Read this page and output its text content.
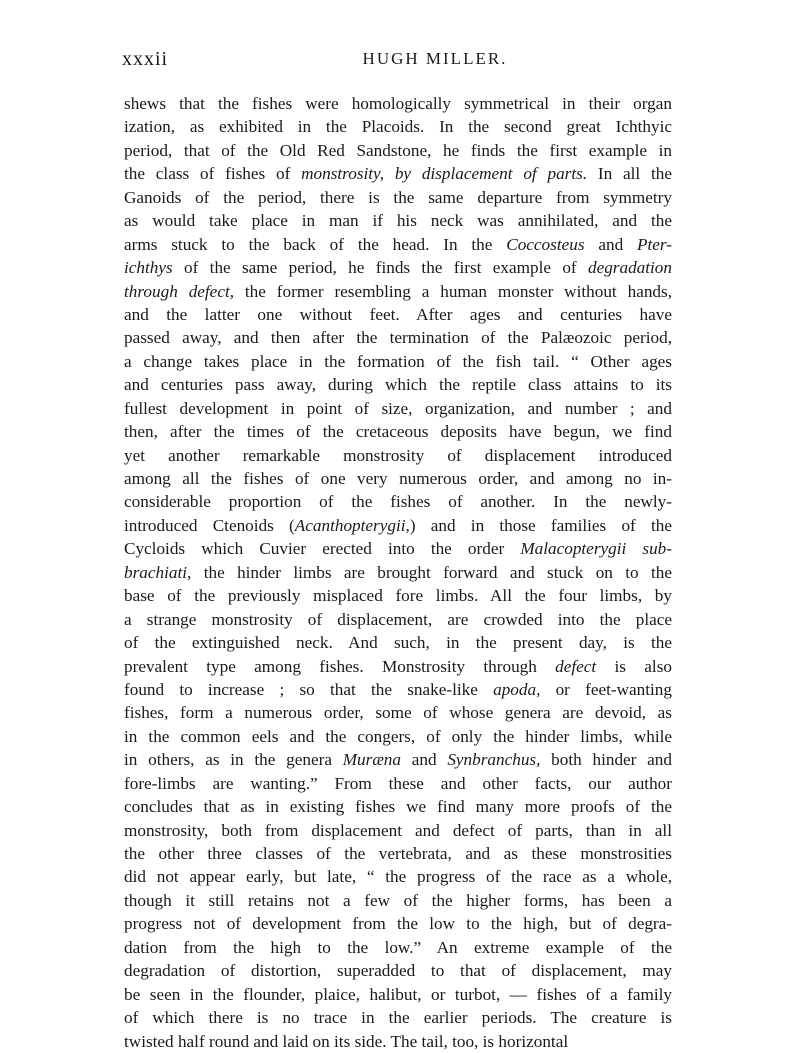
xxxii	HUGH MILLER.

shews that the fishes were homologically symmetrical in their organ
ization, as exhibited in the Placoids. In the second great Ichthyic
period, that of the Old Red Sandstone, he finds the first example in
the class of fishes of monstrosity, by displacement of parts. In all the
Ganoids of the period, there is the same departure from symmetry
as would take place in man if his neck was annihilated, and the
arms stuck to the back of the head. In the Coccosteus and Pter-
ichthys of the same period, he finds the first example of degradation
through defect, the former resembling a human monster without hands,
and the latter one without feet. After ages and centuries have
passed away, and then after the termination of the Palæozoic period,
a change takes place in the formation of the fish tail. “ Other ages
and centuries pass away, during which the reptile class attains to its
fullest development in point of size, organization, and number ; and
then, after the times of the cretaceous deposits have begun, we find
yet another remarkable monstrosity of displacement introduced
among all the fishes of one very numerous order, and among no in-
considerable proportion of the fishes of another. In the newly-
introduced Ctenoids (Acanthopterygii,) and in those families of the
Cycloids which Cuvier erected into the order Malacopterygii sub-
brachiati, the hinder limbs are brought forward and stuck on to the
base of the previously misplaced fore limbs. All the four limbs, by
a strange monstrosity of displacement, are crowded into the place
of the extinguished neck. And such, in the present day, is the
prevalent type among fishes. Monstrosity through defect is also
found to increase ; so that the snake-like apoda, or feet-wanting
fishes, form a numerous order, some of whose genera are devoid, as
in the common eels and the congers, of only the hinder limbs, while
in others, as in the genera Muræna and Synbranchus, both hinder and
fore-limbs are wanting.” From these and other facts, our author
concludes that as in existing fishes we find many more proofs of the
monstrosity, both from displacement and defect of parts, than in all
the other three classes of the vertebrata, and as these monstrosities
did not appear early, but late, “ the progress of the race as a whole,
though it still retains not a few of the higher forms, has been a
progress not of development from the low to the high, but of degra-
dation from the high to the low.” An extreme example of the
degradation of distortion, superadded to that of displacement, may
be seen in the flounder, plaice, halibut, or turbot, — fishes of a family
of which there is no trace in the earlier periods. The creature is
twisted half round and laid on its side. The tail, too, is horizontal
